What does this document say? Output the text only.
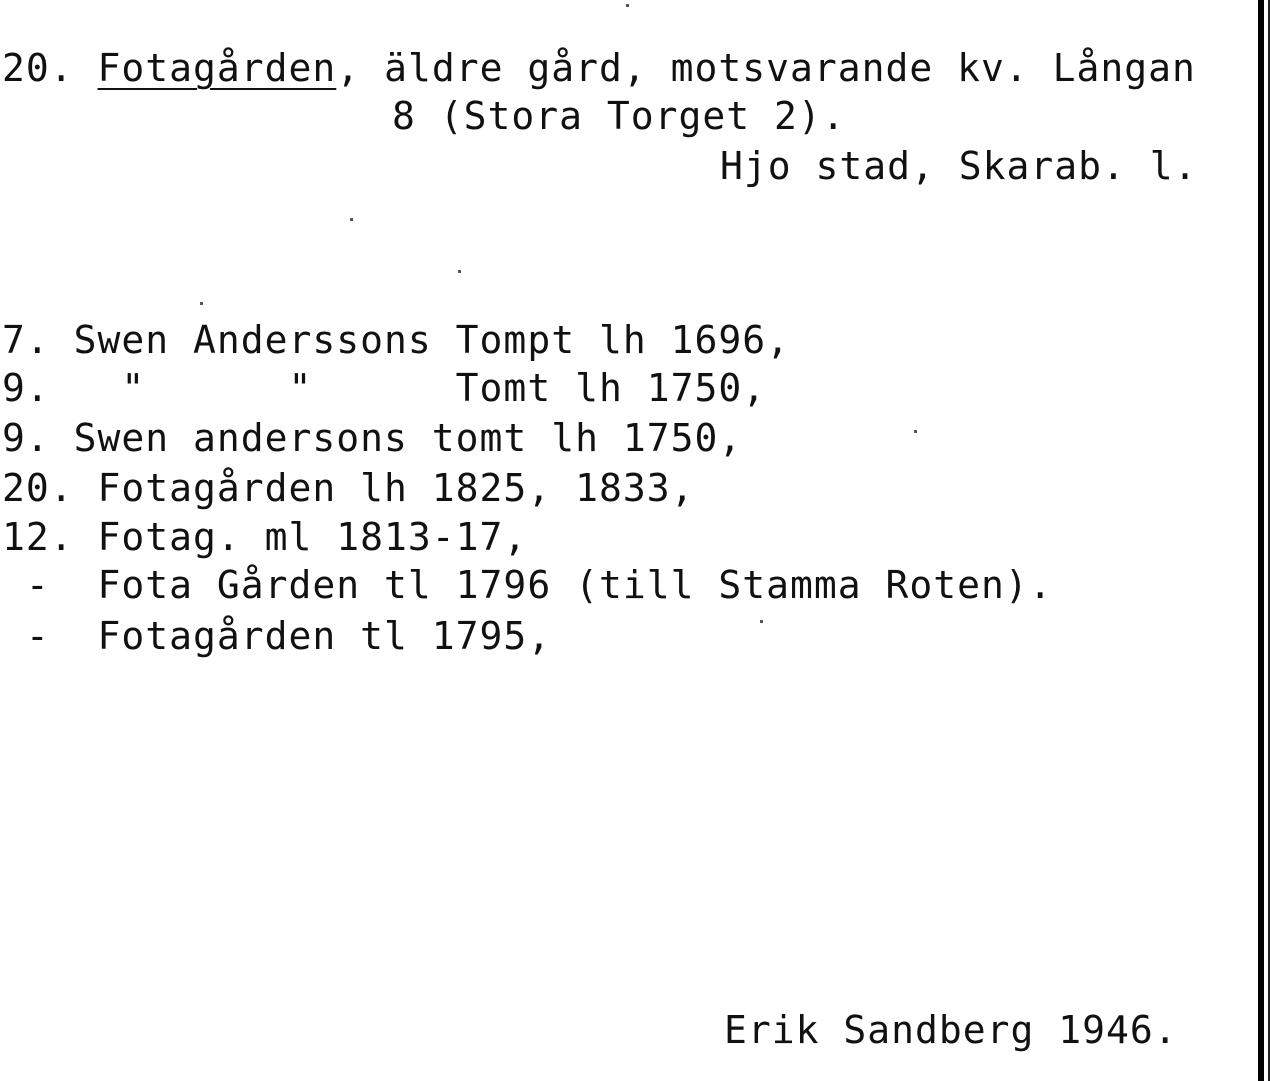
20. Fotagården, äldre gård, motsvarande kv. Långan
8 (Stora Torget 2).
Hjo stad, Skarab. l.
7. Swen Anderssons Tompt lh 1696,
9.   "      "      Tomt lh 1750,
9. Swen andersons tomt lh 1750,
20. Fotagården lh 1825, 1833,
12. Fotag. ml 1813-17,
-  Fota Gården tl 1796 (till Stamma Roten).
-  Fotagården tl 1795,
Erik Sandberg 1946.
